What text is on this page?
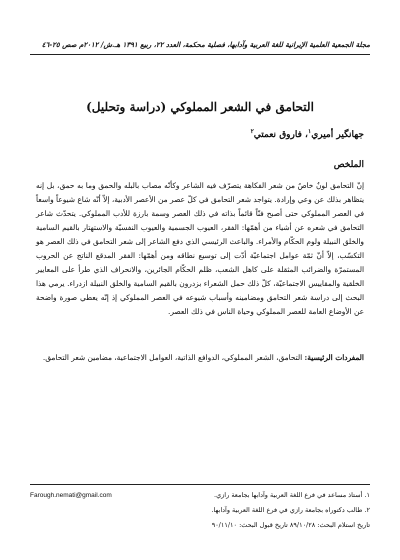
مجلة الجمعية العلمية الإيرانية للغة العربية وآدابها، فصلية محكمة، العدد ٢٢، ربيع ١٣٩١ هـ.ش/ ٢٠١٢م صص ٢٥-٤٦
التحامق في الشعر المملوكي (دراسة وتحليل)
جهانگير أميري$^١$، فاروق نعمتي$^٢$
الملخص

إنّ التحامق لونٌ خاصٌ من شعر الفكاهة يتصرّف فيه الشاعر وكأنّه مصاب بالبله والحمق وما به حمق، بل إنه يتظاهر بذلك عن وعي وإرادة. يتواجد شعر التحامق في كلّ عصر من الأعصر الأدبية، إلاّ أنّه شاع شيوعاً واسعاً في العصر المملوكي حتى أصبح فنّاً قائماً بذاته في ذلك العصر وسمة بارزة للأدب المملوكي. يتحدّث شاعر التحامق في شعره عن أشياء من أهمّها: الفقر، العيوب الجسمية والعيوب النفسيّة والاستهتار بالقيم السامية والخلق النبيلة ولوم الحكّام والأمراء. والباعث الرئيسي الذي دفع الشاعر إلى شعر التحامق في ذلك العصر هو التكسّب، إلاّ أنّ ثمّة عوامل اجتماعيّة أدّت إلى توسيع نطاقه ومن أهمّها: الفقر المدقع الناتج عن الحروب المستمرّة والضرائب المثقلة على كاهل الشعب، ظلم الحكّام الجائرين، والانحراف الذي طرأ على المعايير الخلقية والمقاييس الاجتماعيّة، كلّ ذلك حمل الشعراء بزدرون بالقيم السامية والخلق النبيلة ازدراء. يرمي هذا البحث إلى دراسة شعر التحامق ومضامينه وأسباب شيوعه في العصر المملوكي إذ إنّه يعطي صورة واضحة عن الأوضاع العامة للعصر المملوكي وحياة الناس في ذلك العصر.

المفردات الرئيسية: التحامق، الشعر المملوكي، الدوافع الذاتية، العوامل الاجتماعية، مضامين شعر التحامق.

١. أستاذ مساعد في فرع اللغة العربية وآدابها بجامعة رازي.
Farough.nemati@gmail.com
٢. طالب دكتوراه بجامعة رازي في فرع اللغة العربية وآدابها.
تاريخ استلام البحث: ٨٩/١٠/٢٨ تاريخ قبول البحث: ٩٠/١١/١٠
